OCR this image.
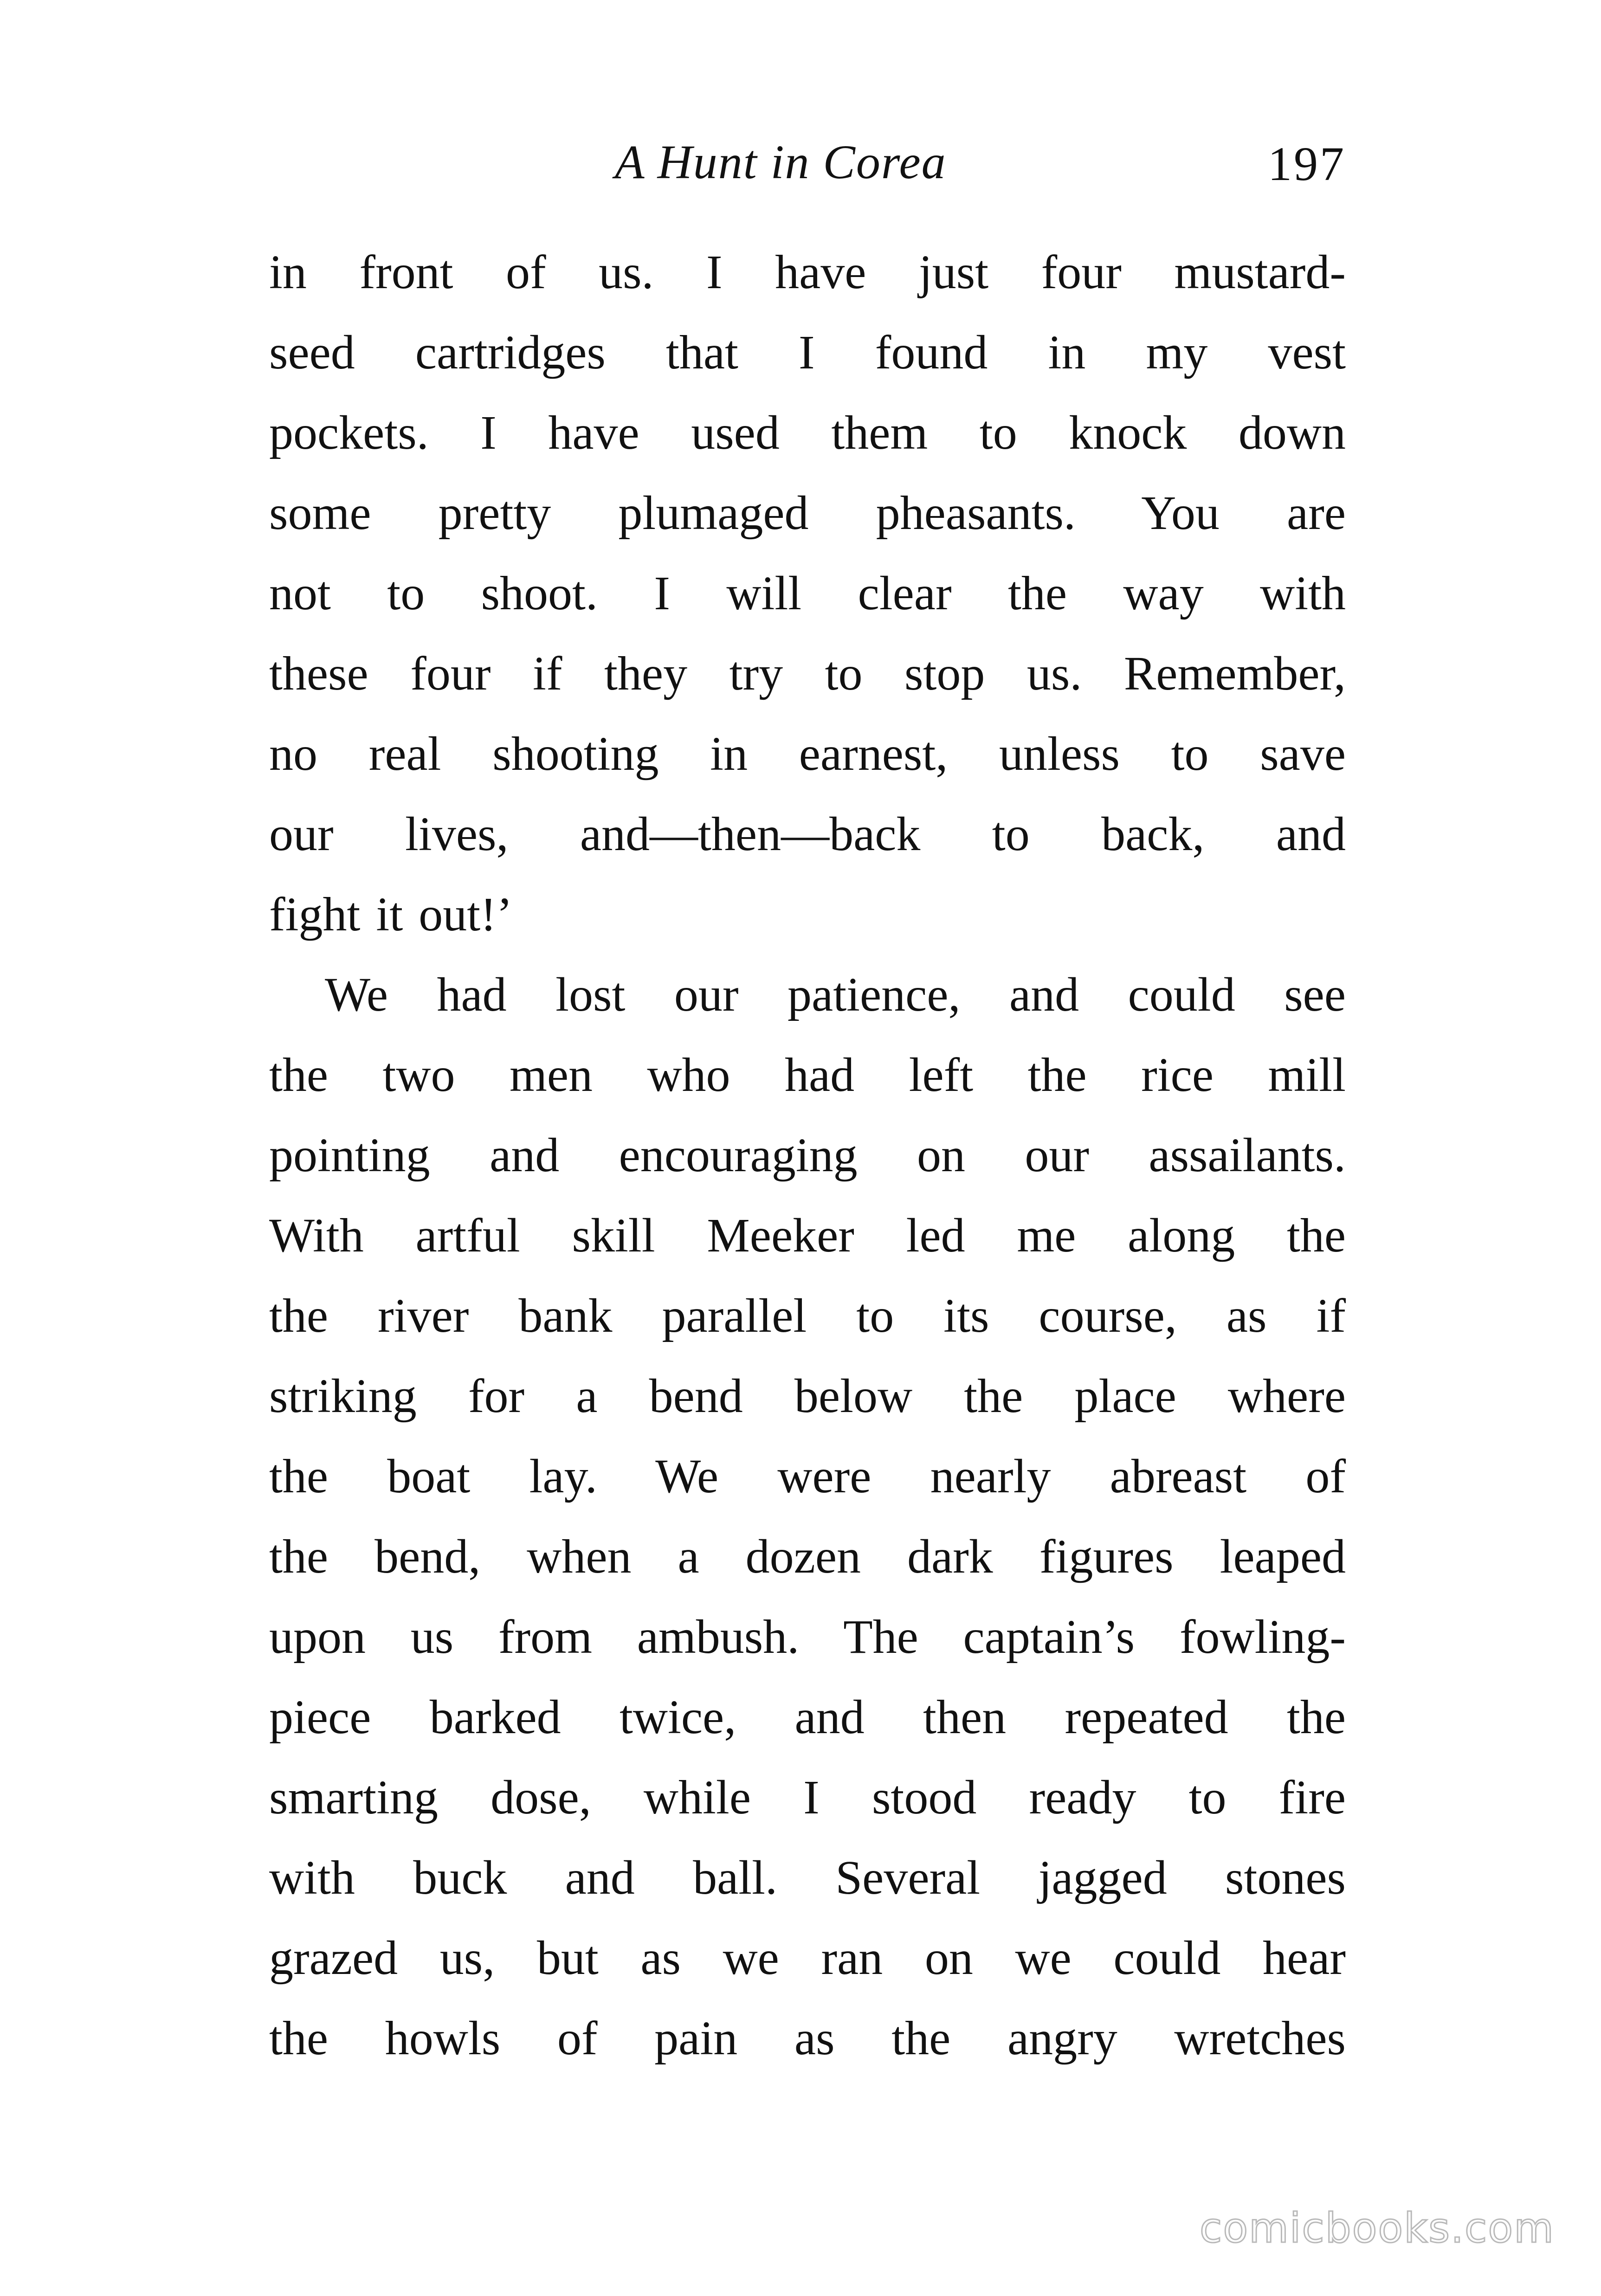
A Hunt in Corea	197
in front of us. I have just four mustard-
seed cartridges that I found in my vest
pockets. I have used them to knock down
some pretty plumaged pheasants. You are
not to shoot. I will clear the way with
these four if they try to stop us. Remember,
no real shooting in earnest, unless to save
our lives, and—then—back to back, and
fight it out!’
We had lost our patience, and could see
the two men who had left the rice mill
pointing and encouraging on our assailants.
With artful skill Meeker led me along the
the river bank parallel to its course, as if
striking for a bend below the place where
the boat lay. We were nearly abreast of
the bend, when a dozen dark figures leaped
upon us from ambush. The captain’s fowling-
piece barked twice, and then repeated the
smarting dose, while I stood ready to fire
with buck and ball. Several jagged stones
grazed us, but as we ran on we could hear
the howls of pain as the angry wretches
comicbooks.com
